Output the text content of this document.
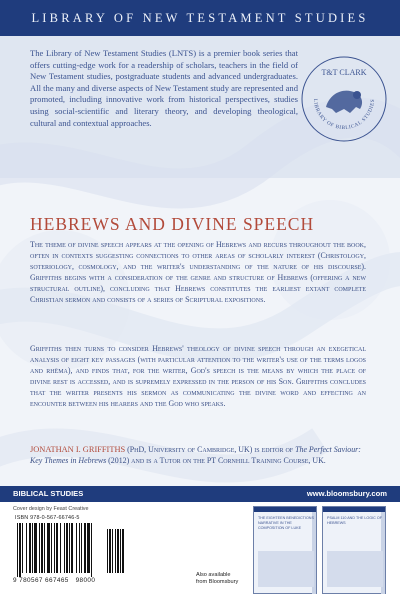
LIBRARY OF NEW TESTAMENT STUDIES
The Library of New Testament Studies (LNTS) is a premier book series that offers cutting-edge work for a readership of scholars, teachers in the field of New Testament studies, postgraduate students and advanced undergraduates. All the many and diverse aspects of New Testament study are represented and promoted, including innovative work from historical perspectives, studies using social-scientific and literary theory, and developing theological, cultural and contextual approaches.
T&T CLARK
LIBRARY OF BIBLICAL STUDIES
HEBREWS AND DIVINE SPEECH
The theme of divine speech appears at the opening of Hebrews and recurs throughout the book, often in contexts suggesting connections to other areas of scholarly interest (Christology, soteriology, cosmology, and the writer's understanding of the nature of his discourse). Griffiths begins with a consideration of the genre and structure of Hebrews (offering a new structural outline), concluding that Hebrews constitutes the earliest extant complete Christian sermon and consists of a series of Scriptural expositions.
Griffiths then turns to consider Hebrews' theology of divine speech through an exegetical analysis of eight key passages (with particular attention to the writer's use of the terms logos and rhēma), and finds that, for the writer, God's speech is the means by which the place of divine rest is accessed, and is supremely expressed in the person of his Son. Griffiths concludes that the writer presents his sermon as communicating the divine word and effecting an encounter between his hearers and the God who speaks.
JONATHAN I. GRIFFITHS (PhD, University of Cambridge, UK) is editor of The Perfect Saviour: Key Themes in Hebrews (2012) and is a Tutor on the PT Cornhill Training Course, UK.
BIBLICAL STUDIES	www.bloomsbury.com
Cover design by Feast Creative
ISBN 978-0-567-66746-5
9 780567 667465  98000
Also available
from Bloomsbury
THE EIGHTEEN BENEDICTIONS NARRATIVE IN THE COMPOSITION OF LUKE
PSALM 110 AND THE LOGIC OF HEBREWS
